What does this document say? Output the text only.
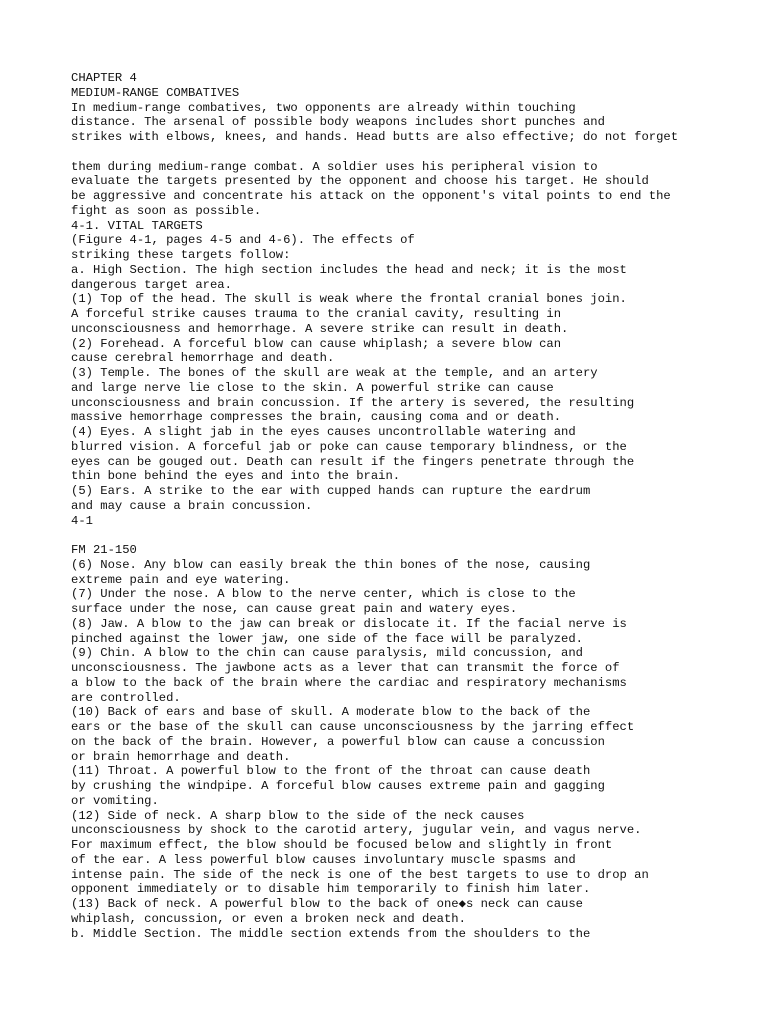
CHAPTER 4
MEDIUM-RANGE COMBATIVES
In medium-range combatives, two opponents are already within touching
distance. The arsenal of possible body weapons includes short punches and
strikes with elbows, knees, and hands. Head butts are also effective; do not forget
them during medium-range combat. A soldier uses his peripheral vision to
evaluate the targets presented by the opponent and choose his target. He should
be aggressive and concentrate his attack on the opponent's vital points to end the
fight as soon as possible.
4-1. VITAL TARGETS
(Figure 4-1, pages 4-5 and 4-6). The effects of
striking these targets follow:
a. High Section. The high section includes the head and neck; it is the most
dangerous target area.
(1) Top of the head. The skull is weak where the frontal cranial bones join.
A forceful strike causes trauma to the cranial cavity, resulting in
unconsciousness and hemorrhage. A severe strike can result in death.
(2) Forehead. A forceful blow can cause whiplash; a severe blow can
cause cerebral hemorrhage and death.
(3) Temple. The bones of the skull are weak at the temple, and an artery
and large nerve lie close to the skin. A powerful strike can cause
unconsciousness and brain concussion. If the artery is severed, the resulting
massive hemorrhage compresses the brain, causing coma and or death.
(4) Eyes. A slight jab in the eyes causes uncontrollable watering and
blurred vision. A forceful jab or poke can cause temporary blindness, or the
eyes can be gouged out. Death can result if the fingers penetrate through the
thin bone behind the eyes and into the brain.
(5) Ears. A strike to the ear with cupped hands can rupture the eardrum
and may cause a brain concussion.
4-1
FM 21-150
(6) Nose. Any blow can easily break the thin bones of the nose, causing
extreme pain and eye watering.
(7) Under the nose. A blow to the nerve center, which is close to the
surface under the nose, can cause great pain and watery eyes.
(8) Jaw. A blow to the jaw can break or dislocate it. If the facial nerve is
pinched against the lower jaw, one side of the face will be paralyzed.
(9) Chin. A blow to the chin can cause paralysis, mild concussion, and
unconsciousness. The jawbone acts as a lever that can transmit the force of
a blow to the back of the brain where the cardiac and respiratory mechanisms
are controlled.
(10) Back of ears and base of skull. A moderate blow to the back of the
ears or the base of the skull can cause unconsciousness by the jarring effect
on the back of the brain. However, a powerful blow can cause a concussion
or brain hemorrhage and death.
(11) Throat. A powerful blow to the front of the throat can cause death
by crushing the windpipe. A forceful blow causes extreme pain and gagging
or vomiting.
(12) Side of neck. A sharp blow to the side of the neck causes
unconsciousness by shock to the carotid artery, jugular vein, and vagus nerve.
For maximum effect, the blow should be focused below and slightly in front
of the ear. A less powerful blow causes involuntary muscle spasms and
intense pain. The side of the neck is one of the best targets to use to drop an
opponent immediately or to disable him temporarily to finish him later.
(13) Back of neck. A powerful blow to the back of one◆s neck can cause
whiplash, concussion, or even a broken neck and death.
b. Middle Section. The middle section extends from the shoulders to the
